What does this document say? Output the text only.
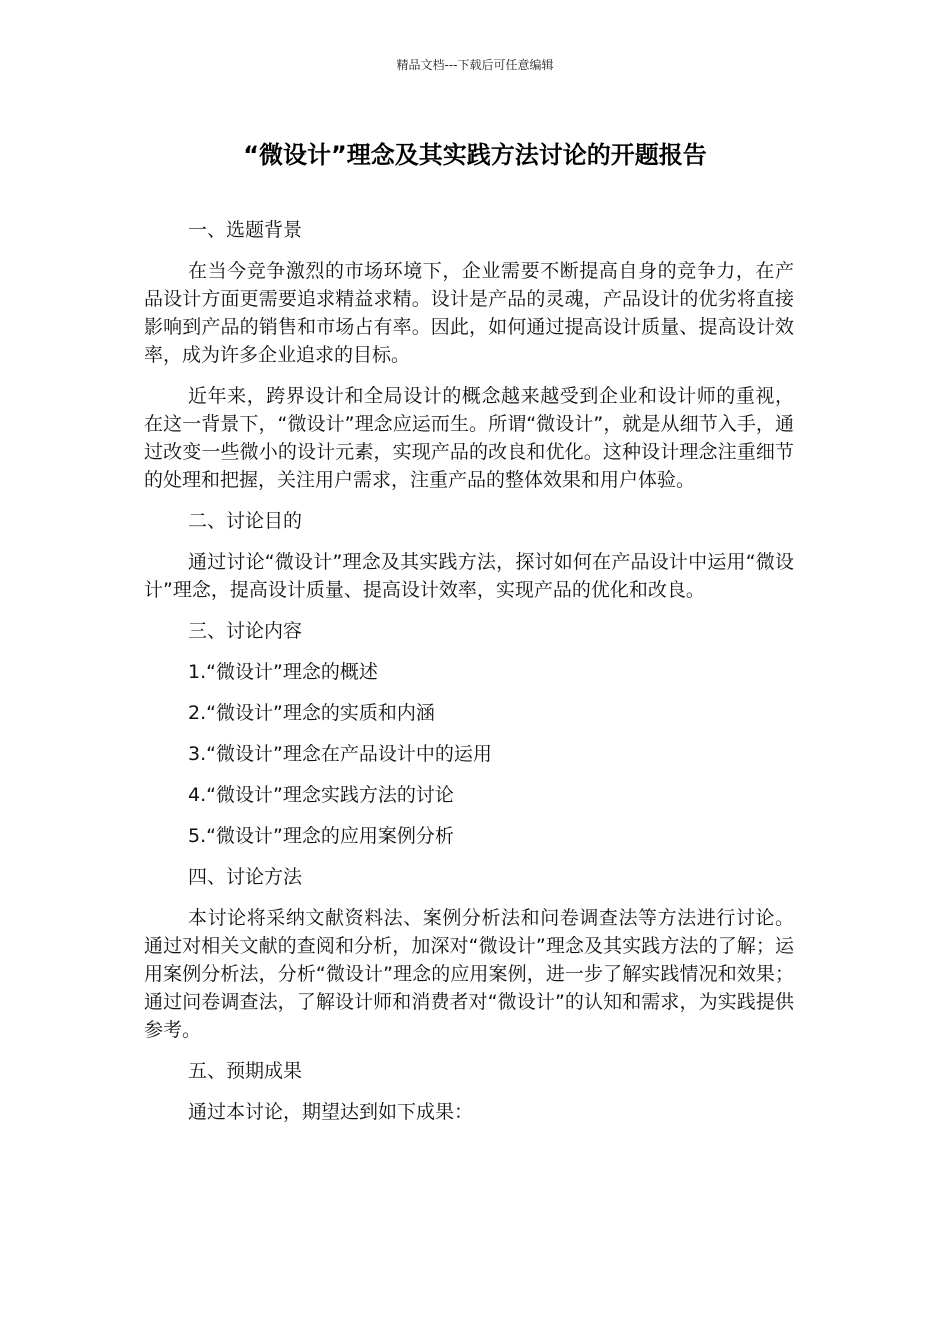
精品文档---下载后可任意编辑
“微设计”理念及其实践方法讨论的开题报告

一、选题背景

在当今竞争激烈的市场环境下，企业需要不断提高自身的竞争力，在产品设计方面更需要追求精益求精。设计是产品的灵魂，产品设计的优劣将直接影响到产品的销售和市场占有率。因此，如何通过提高设计质量、提高设计效率，成为许多企业追求的目标。

近年来，跨界设计和全局设计的概念越来越受到企业和设计师的重视，在这一背景下，“微设计”理念应运而生。所谓“微设计”，就是从细节入手，通过改变一些微小的设计元素，实现产品的改良和优化。这种设计理念注重细节的处理和把握，关注用户需求，注重产品的整体效果和用户体验。

二、讨论目的

通过讨论“微设计”理念及其实践方法，探讨如何在产品设计中运用“微设计”理念，提高设计质量、提高设计效率，实现产品的优化和改良。

三、讨论内容

1.“微设计”理念的概述

2.“微设计”理念的实质和内涵

3.“微设计”理念在产品设计中的运用

4.“微设计”理念实践方法的讨论

5.“微设计”理念的应用案例分析

四、讨论方法

本讨论将采纳文献资料法、案例分析法和问卷调查法等方法进行讨论。通过对相关文献的查阅和分析，加深对“微设计”理念及其实践方法的了解；运用案例分析法，分析“微设计”理念的应用案例，进一步了解实践情况和效果；通过问卷调查法，了解设计师和消费者对“微设计”的认知和需求，为实践提供参考。

五、预期成果

通过本讨论，期望达到如下成果：
